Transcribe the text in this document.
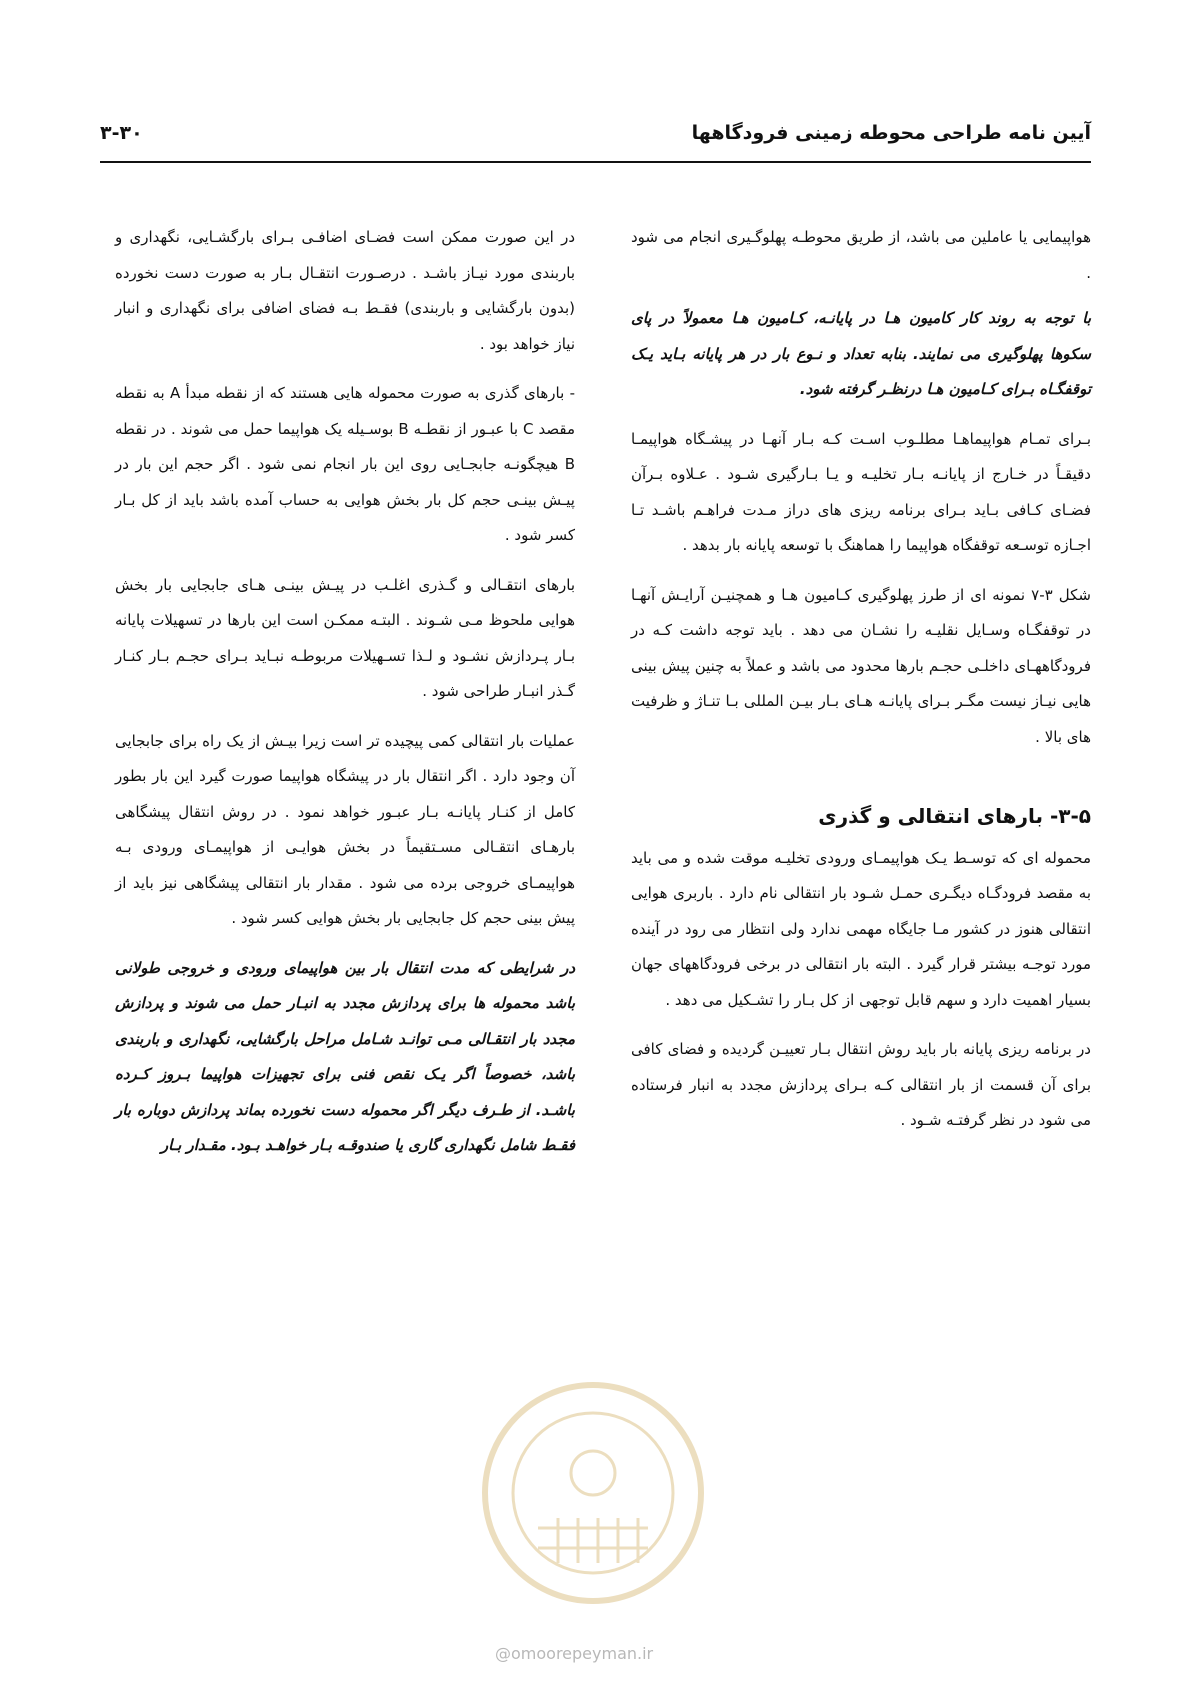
آیین نامه طراحی محوطه زمینی فرودگاهها
۳-۳۰

هواپیمایی یا عاملین می باشد، از طریق محوطـه پهلوگـیری انجام می شود .

با توجه به روند کار کامیون هـا در پایانـه، کـامیون هـا معمولاً در پای سکوها پهلوگیری می نمایند. بنابه تعداد و نـوع بار در هر پایانه بـاید یـک توقفگـاه بـرای کـامیون هـا درنظـر گرفته شود.

بـرای تمـام هواپیماهـا مطلـوب اسـت کـه بـار آنهـا در پیشـگاه هواپیمـا دقیقـاً در خـارج از پایانـه بـار تخلیـه و یـا بـارگیری شـود . عـلاوه بـرآن فضـای کـافی بـاید بـرای برنامه ریزی های دراز مـدت فراهـم باشـد تـا اجـازه توسـعه توقفگاه هواپیما را هماهنگ با توسعه پایانه بار بدهد .

شکل ۳-۷ نمونه ای از طرز پهلوگیری کـامیون هـا و همچنیـن آرایـش آنهـا در توقفگـاه وسـایل نقلیـه را نشـان می دهد . باید توجه داشت کـه در فرودگاههـای داخلـی حجـم بارها محدود می باشد و عملاً به چنین پیش بینی هایی نیـاز نیست مگـر بـرای پایانـه هـای بـار بیـن المللی بـا تنـاژ و ظرفیت های بالا .

۳-۵- بارهای انتقالی و گذری

محموله ای که توسـط یـک هواپیمـای ورودی تخلیـه موقت شده و می باید به مقصد فرودگـاه دیگـری حمـل شـود بار انتقالی نام دارد . باربری هوایی انتقالی هنوز در کشور مـا جایگاه مهمی ندارد ولی انتظار می رود در آینده مورد توجـه بیشتر قرار گیرد . البته بار انتقالی در برخی فرودگاههای جهان بسیار اهمیت دارد و سهم قابل توجهی از کل بـار را تشـکیل می دهد .

در برنامه ریزی پایانه بار باید روش انتقال بـار تعییـن گردیده و فضای کافی برای آن قسمت از بار انتقالی کـه بـرای پردازش مجدد به انبار فرستاده می شود در نظر گرفتـه شـود .

در این صورت ممکن است فضـای اضافـی بـرای بارگشـایی، نگهداری و باربندی مورد نیـاز باشـد . درصـورت انتقـال بـار به صورت دست نخورده (بدون بارگشایی و باربندی) فقـط بـه فضای اضافی برای نگهداری و انبار نیاز خواهد بود .

- بارهای گذری به صورت محموله هایی هستند که از نقطه مبدأ A به نقطه مقصد C با عبـور از نقطـه B بوسـیله یک هواپیما حمل می شوند . در نقطه B هیچگونـه جابجـایی روی این بار انجام نمی شود . اگر حجم این بار در پیـش بینـی حجم کل بار بخش هوایی به حساب آمده باشد باید از کل بـار کسر شود .

بارهای انتقـالی و گـذری اغلـب در پیـش بینـی هـای جابجایی بار بخش هوایی ملحوظ مـی شـوند . البتـه ممکـن است این بارها در تسهیلات پایانه بـار پـردازش نشـود و لـذا تسـهیلات مربوطـه نبـاید بـرای حجـم بـار کنـار گـذر انبـار طراحی شود .

عملیات بار انتقالی کمی پیچیده تر است زیرا بیـش از یک راه برای جابجایی آن وجود دارد . اگر انتقال بار در پیشگاه هواپیما صورت گیرد این بار بطور کامل از کنـار پایانـه بـار عبـور خواهد نمود . در روش انتقال پیشگاهی بارهـای انتقـالی مسـتقیماً در بخش هوایـی از هواپیمـای ورودی بـه هواپیمـای خروجی برده می شود . مقدار بار انتقالی پیشگاهی نیز باید از پیش بینی حجم کل جابجایی بار بخش هوایی کسر شود .

در شرایطی که مدت انتقال بار بین هواپیمای ورودی و خروجی طولانی باشد محموله ها برای پردازش مجدد به انبـار حمل می شوند و پردازش مجدد بار انتقـالی مـی توانـد شـامل مراحل بارگشایی، نگهداری و باربندی باشد، خصوصاً اگر یـک نقص فنی برای تجهیزات هواپیما بـروز کـرده باشـد. از طـرف دیگر اگر محموله دست نخورده بماند پردازش دوباره بار فقـط شامل نگهداری گاری یا صندوقـه بـار خواهـد بـود. مقـدار بـار

@omoorepeyman.ir
